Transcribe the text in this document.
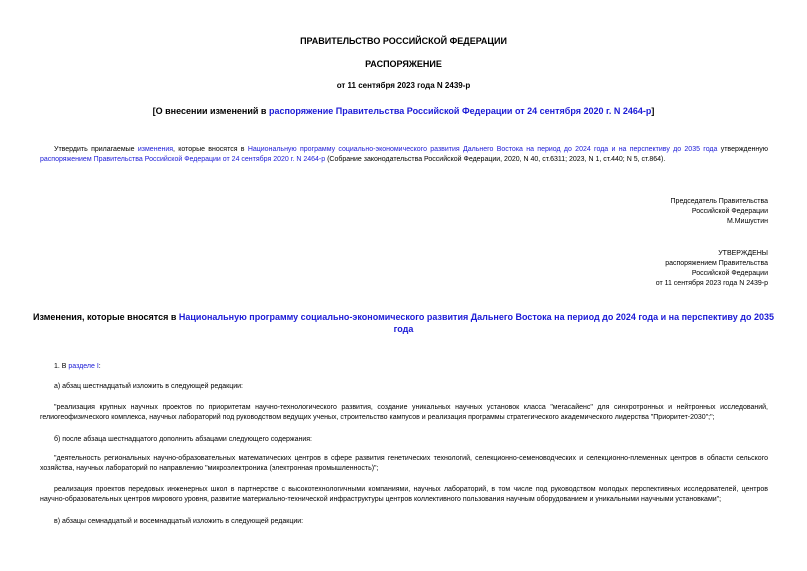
ПРАВИТЕЛЬСТВО РОССИЙСКОЙ ФЕДЕРАЦИИ
РАСПОРЯЖЕНИЕ
от 11 сентября 2023 года N 2439-р
[О внесении изменений в распоряжение Правительства Российской Федерации от 24 сентября 2020 г. N 2464-р]
Утвердить прилагаемые изменения, которые вносятся в Национальную программу социально-экономического развития Дальнего Востока на период до 2024 года и на перспективу до 2035 года утвержденную распоряжением Правительства Российской Федерации от 24 сентября 2020 г. N 2464-р (Собрание законодательства Российской Федерации, 2020, N 40, ст.6311; 2023, N 1, ст.440; N 5, ст.864).
Председатель Правительства
Российской Федерации
М.Мишустин
УТВЕРЖДЕНЫ
распоряжением Правительства
Российской Федерации
от 11 сентября 2023 года N 2439-р
Изменения, которые вносятся в Национальную программу социально-экономического развития Дальнего Востока на период до 2024 года и на перспективу до 2035 года
1. В разделе I:
а) абзац шестнадцатый изложить в следующей редакции:
"реализация крупных научных проектов по приоритетам научно-технологического развития, создание уникальных научных установок класса "мегасайенс" для синхротронных и нейтронных исследований, гелиогеофизического комплекса, научных лабораторий под руководством ведущих ученых, строительство кампусов и реализация программы стратегического академического лидерства "Приоритет-2030";";
б) после абзаца шестнадцатого дополнить абзацами следующего содержания:
"деятельность региональных научно-образовательных математических центров в сфере развития генетических технологий, селекционно-семеноводческих и селекционно-племенных центров в области сельского хозяйства, научных лабораторий по направлению "микроэлектроника (электронная промышленность)";
реализация проектов передовых инженерных школ в партнерстве с высокотехнологичными компаниями, научных лабораторий, в том числе под руководством молодых перспективных исследователей, центров научно-образовательных центров мирового уровня, развитие материально-технической инфраструктуры центров коллективного пользования научным оборудованием и уникальными научными установками";
в) абзацы семнадцатый и восемнадцатый изложить в следующей редакции:
